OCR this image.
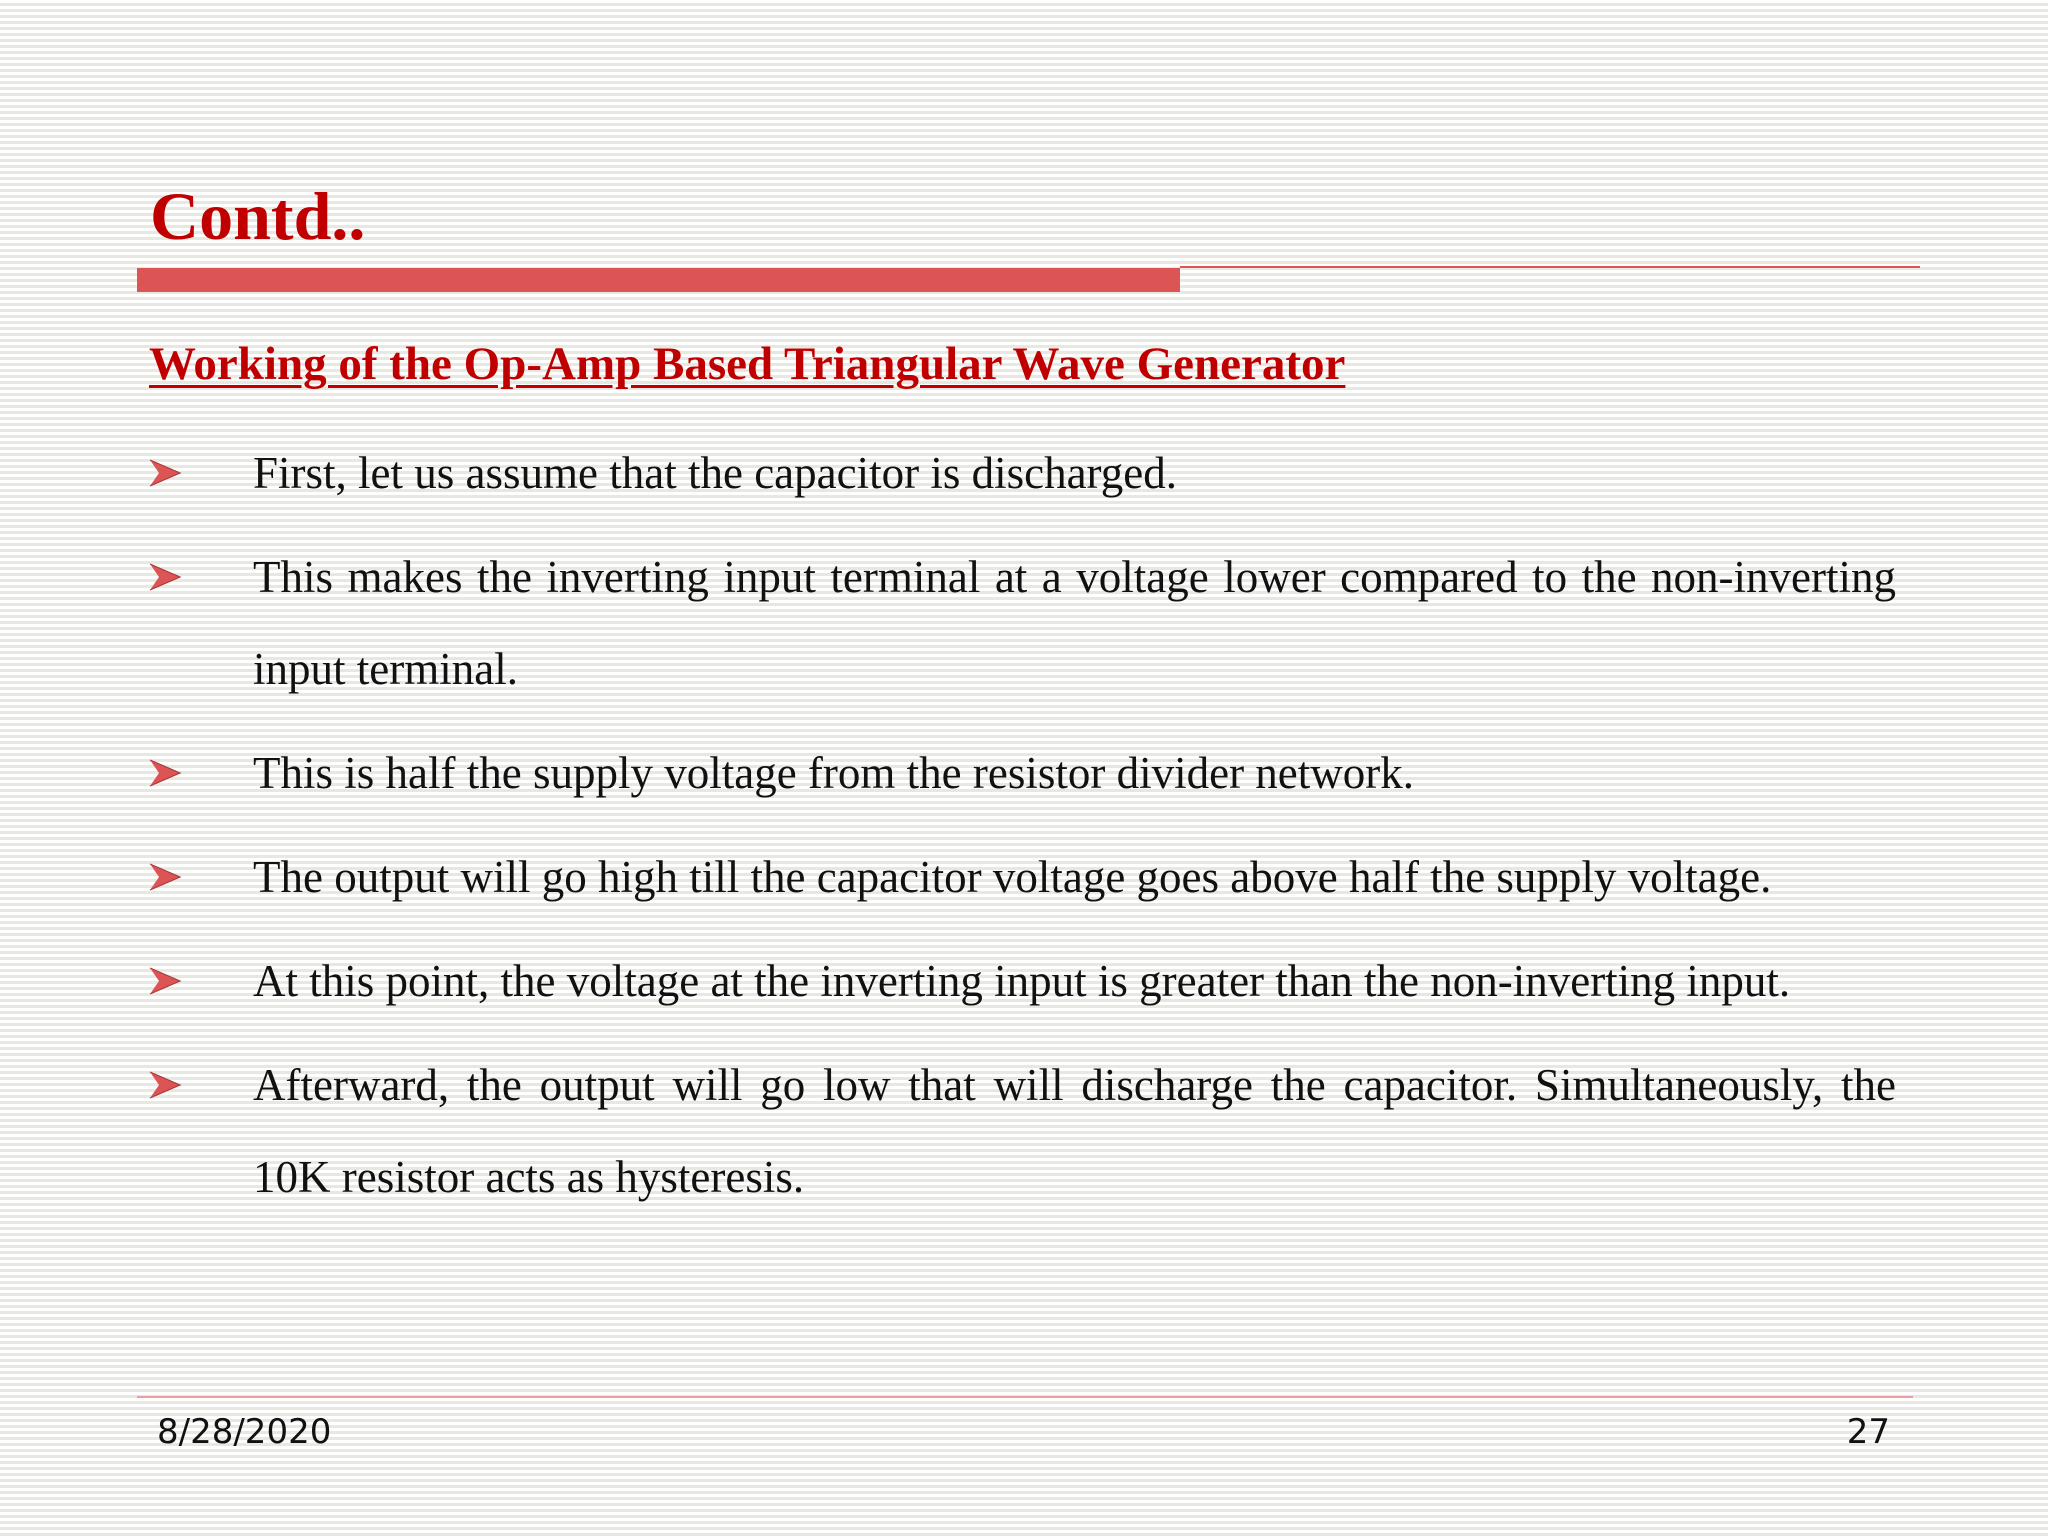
Contd..
Working of the Op-Amp Based Triangular Wave Generator
First, let us assume that the capacitor is discharged.
This makes the inverting input terminal at a voltage lower compared to the non-inverting input terminal.
This is half the supply voltage from the resistor divider network.
The output will go high till the capacitor voltage goes above half the supply voltage.
At this point, the voltage at the inverting input is greater than the non-inverting input.
Afterward, the output will go low that will discharge the capacitor. Simultaneously, the 10K resistor acts as hysteresis.
8/28/2020	27
